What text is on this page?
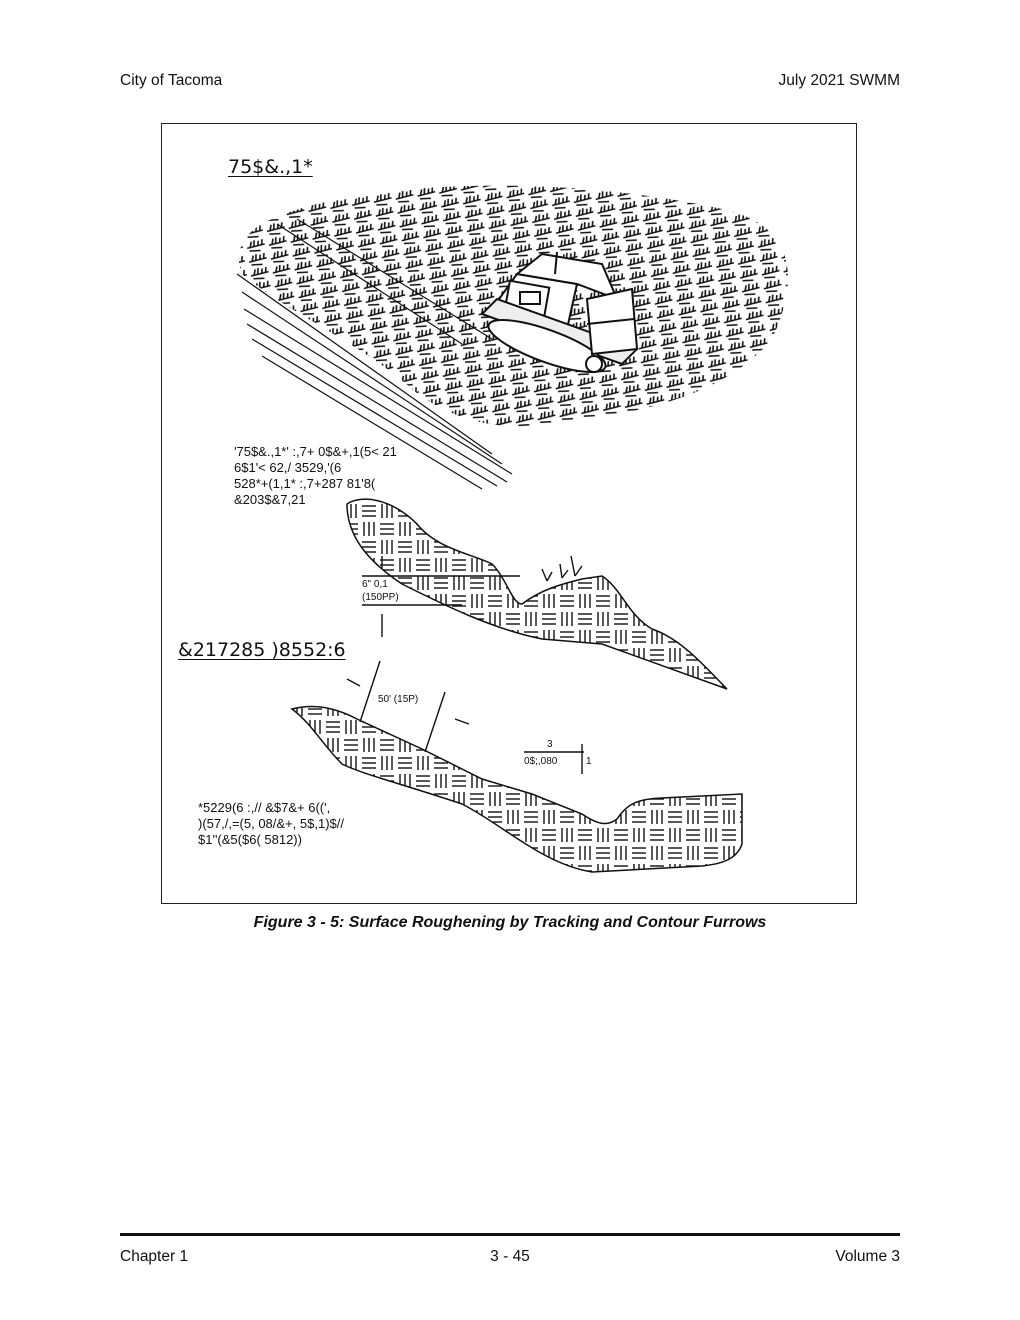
City of Tacoma	July 2021 SWMM
75$&.,1*
'75$&.,1*' :,7+ 0$&+,1(5< 21
6$1'< 62,/ 3529,'(6
528*+(1,1* :,7+287 81'8(
&203$&7,21
6" 0,1
(150PP)
&217285 )8552:6
50' (15P)
3
0$;,080	1
*5229(6 :,// &$7&+ 6((',
)(57,/,=(5, 08/&+, 5$,1)$//
$1''(&5($6( 5812))
Figure 3 - 5: Surface Roughening by Tracking and Contour Furrows
Chapter 1	3 - 45	Volume 3
